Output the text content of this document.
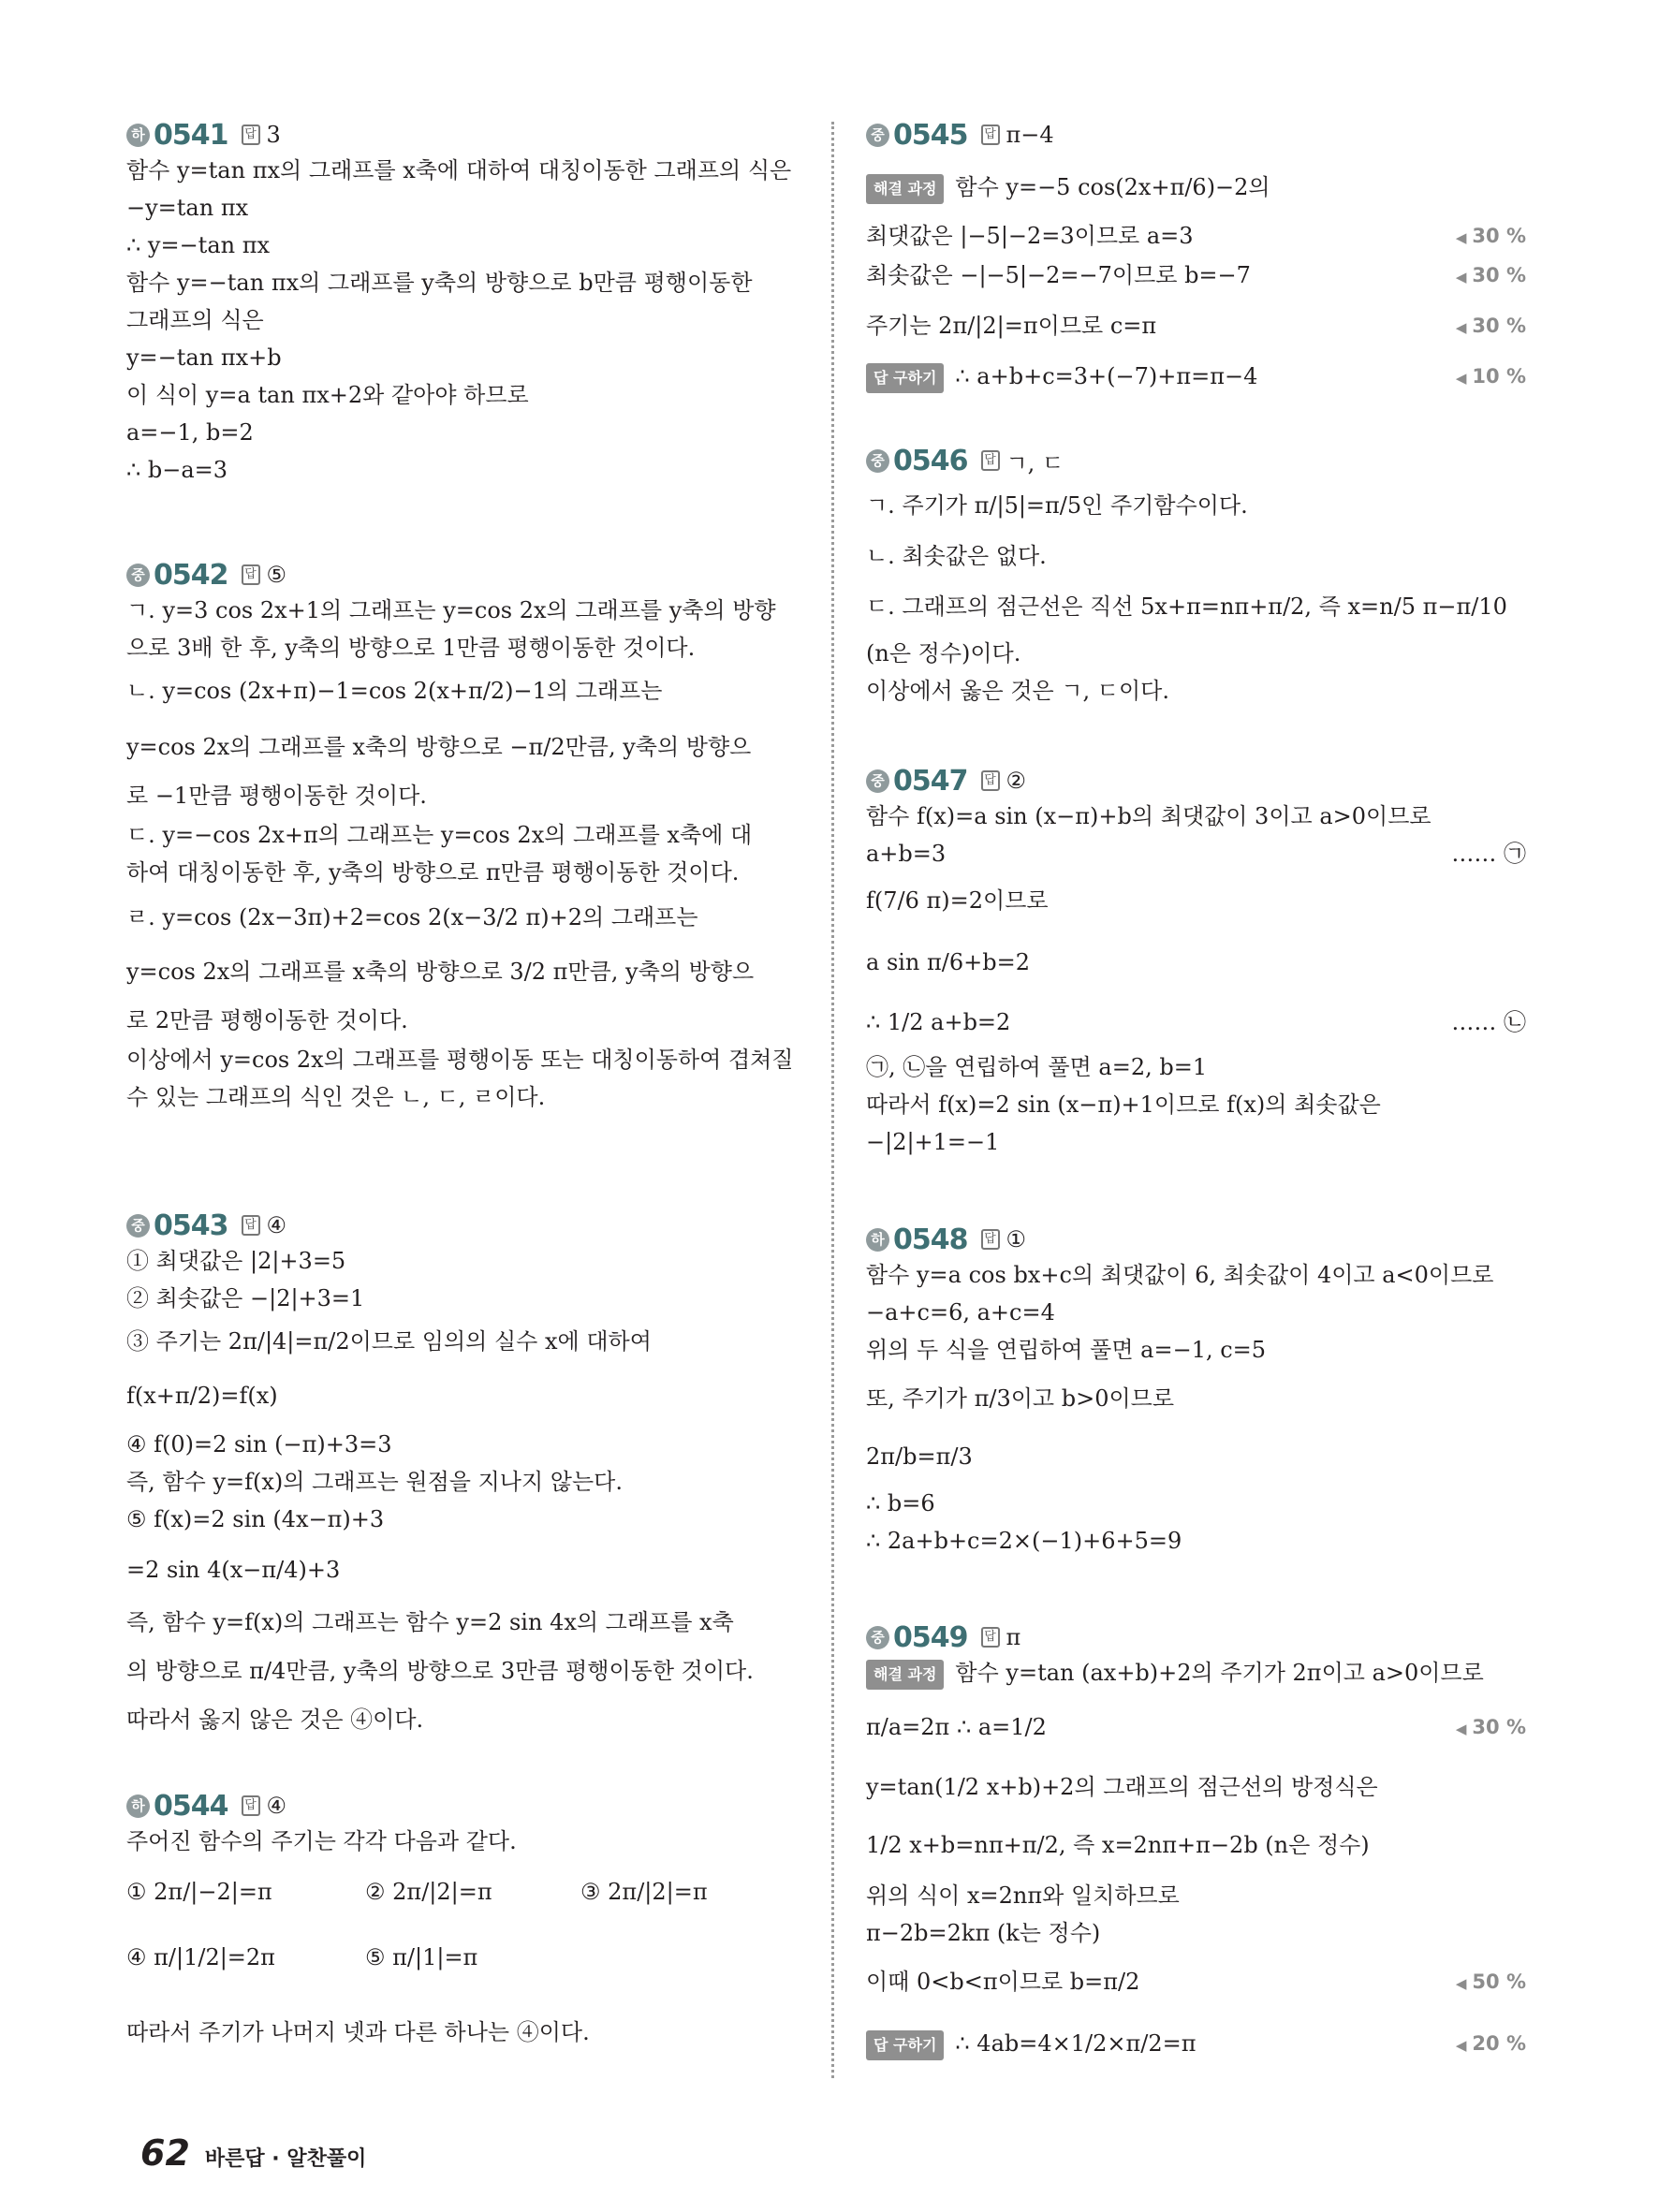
하 0541 답 3
함수 y=tan πx의 그래프를 x축에 대하여 대칭이동한 그래프의 식은
−y=tan πx
∴ y=−tan πx
함수 y=−tan πx의 그래프를 y축의 방향으로 b만큼 평행이동한
그래프의 식은
y=−tan πx+b
이 식이 y=a tan πx+2와 같아야 하므로
a=−1, b=2
∴ b−a=3
중 0542 답 ⑤
ㄱ. y=3 cos 2x+1의 그래프는 y=cos 2x의 그래프를 y축의 방향
으로 3배 한 후, y축의 방향으로 1만큼 평행이동한 것이다.
ㄴ. y=cos (2x+π)−1=cos 2(x+π/2)−1의 그래프는
y=cos 2x의 그래프를 x축의 방향으로 −π/2만큼, y축의 방향으
로 −1만큼 평행이동한 것이다.
ㄷ. y=−cos 2x+π의 그래프는 y=cos 2x의 그래프를 x축에 대
하여 대칭이동한 후, y축의 방향으로 π만큼 평행이동한 것이다.
ㄹ. y=cos (2x−3π)+2=cos 2(x−3/2 π)+2의 그래프는
y=cos 2x의 그래프를 x축의 방향으로 3/2 π만큼, y축의 방향으
로 2만큼 평행이동한 것이다.
이상에서 y=cos 2x의 그래프를 평행이동 또는 대칭이동하여 겹쳐질
수 있는 그래프의 식인 것은 ㄴ, ㄷ, ㄹ이다.
중 0543 답 ④
① 최댓값은 |2|+3=5
② 최솟값은 −|2|+3=1
③ 주기는 2π/|4|=π/2이므로 임의의 실수 x에 대하여
f(x+π/2)=f(x)
④ f(0)=2 sin (−π)+3=3
즉, 함수 y=f(x)의 그래프는 원점을 지나지 않는다.
⑤ f(x)=2 sin (4x−π)+3
=2 sin 4(x−π/4)+3
즉, 함수 y=f(x)의 그래프는 함수 y=2 sin 4x의 그래프를 x축
의 방향으로 π/4만큼, y축의 방향으로 3만큼 평행이동한 것이다.
따라서 옳지 않은 것은 ④이다.
하 0544 답 ④
주어진 함수의 주기는 각각 다음과 같다.
① 2π/|−2|=π	② 2π/|2|=π	③ 2π/|2|=π
④ π/|1/2|=2π	⑤ π/|1|=π
따라서 주기가 나머지 넷과 다른 하나는 ④이다.
중 0545 답 π−4
해결 과정 함수 y=−5 cos(2x+π/6)−2의
최댓값은 |−5|−2=3이므로 a=3	◀ 30 %
최솟값은 −|−5|−2=−7이므로 b=−7	◀ 30 %
주기는 2π/|2|=π이므로 c=π	◀ 30 %
답 구하기 ∴ a+b+c=3+(−7)+π=π−4	◀ 10 %
중 0546 답 ㄱ, ㄷ
ㄱ. 주기가 π/|5|=π/5인 주기함수이다.
ㄴ. 최솟값은 없다.
ㄷ. 그래프의 점근선은 직선 5x+π=nπ+π/2, 즉 x=n/5 π−π/10
(n은 정수)이다.
이상에서 옳은 것은 ㄱ, ㄷ이다.
중 0547 답 ②
함수 f(x)=a sin (x−π)+b의 최댓값이 3이고 a>0이므로
a+b=3	…… ㉠
f(7/6 π)=2이므로
a sin π/6+b=2
∴ 1/2 a+b=2	…… ㉡
㉠, ㉡을 연립하여 풀면 a=2, b=1
따라서 f(x)=2 sin (x−π)+1이므로 f(x)의 최솟값은
−|2|+1=−1
하 0548 답 ①
함수 y=a cos bx+c의 최댓값이 6, 최솟값이 4이고 a<0이므로
−a+c=6, a+c=4
위의 두 식을 연립하여 풀면 a=−1, c=5
또, 주기가 π/3이고 b>0이므로
2π/b=π/3
∴ b=6
∴ 2a+b+c=2×(−1)+6+5=9
중 0549 답 π
해결 과정 함수 y=tan (ax+b)+2의 주기가 2π이고 a>0이므로
π/a=2π ∴ a=1/2	◀ 30 %
y=tan(1/2 x+b)+2의 그래프의 점근선의 방정식은
1/2 x+b=nπ+π/2, 즉 x=2nπ+π−2b (n은 정수)
위의 식이 x=2nπ와 일치하므로
π−2b=2kπ (k는 정수)
이때 0<b<π이므로 b=π/2	◀ 50 %
답 구하기 ∴ 4ab=4×1/2×π/2=π	◀ 20 %
62 바른답 · 알찬풀이
